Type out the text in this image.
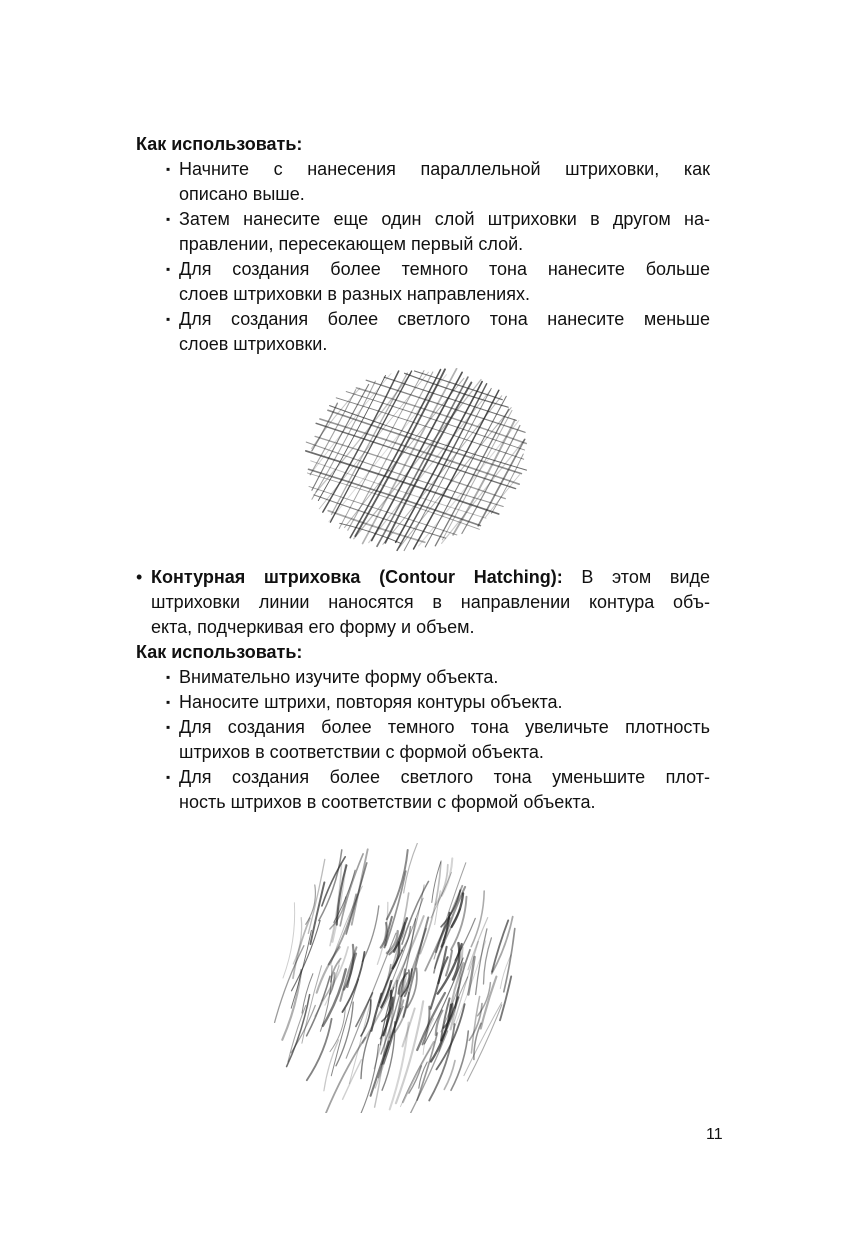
Как использовать:
▪ Начните с нанесения параллельной штриховки, как
описано выше.
▪ Затем нанесите еще один слой штриховки в другом на-
правлении, пересекающем первый слой.
▪ Для создания более темного тона нанесите больше
слоев штриховки в разных направлениях.
▪ Для создания более светлого тона нанесите меньше
слоев штриховки.
• Контурная штриховка (Contour Hatching): В этом виде
штриховки линии наносятся в направлении контура объ-
екта, подчеркивая его форму и объем.
Как использовать:
▪ Внимательно изучите форму объекта.
▪ Наносите штрихи, повторяя контуры объекта.
▪ Для создания более темного тона увеличьте плотность
штрихов в соответствии с формой объекта.
▪ Для создания более светлого тона уменьшите плот-
ность штрихов в соответствии с формой объекта.
11
